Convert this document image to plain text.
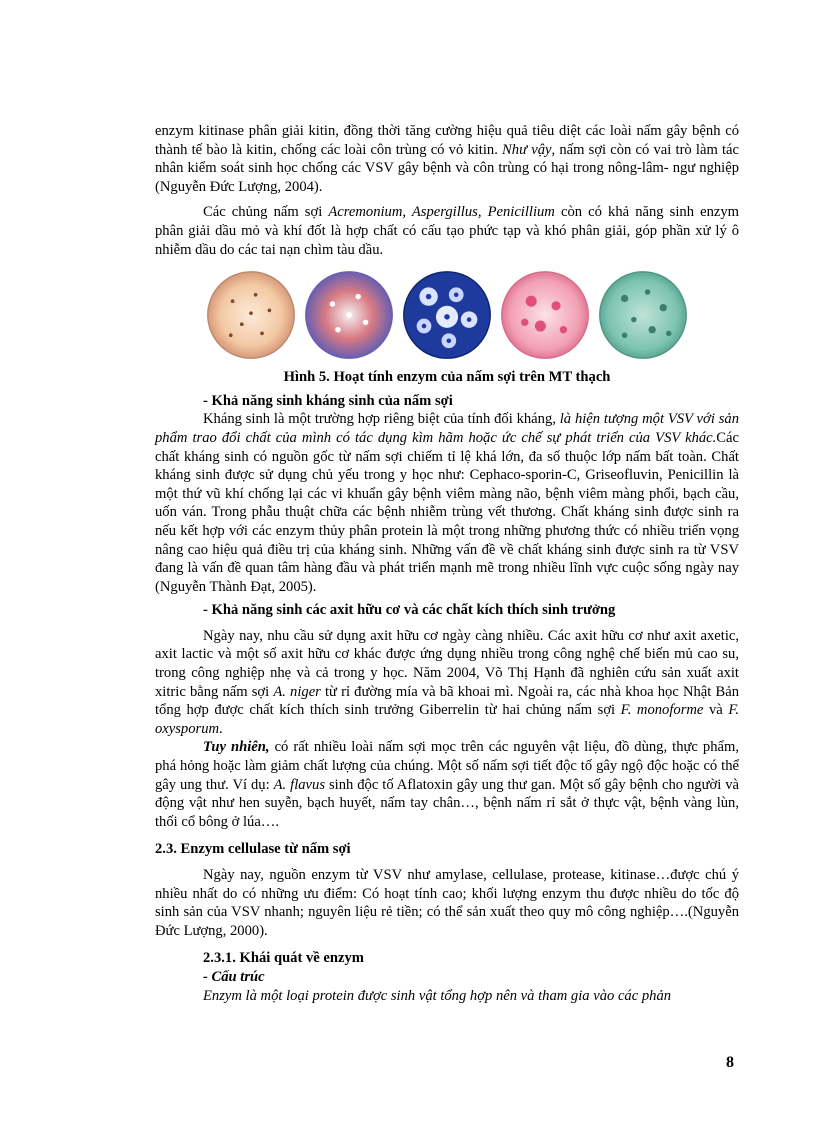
enzym kitinase phân giải kitin, đồng thời tăng cường hiệu quả tiêu diệt các loài nấm gây bệnh có thành tế bào là kitin, chống các loài côn trùng có vỏ kitin. Như vậy, nấm sợi còn có vai trò làm tác nhân kiểm soát sinh học chống các VSV gây bệnh và côn trùng có hại trong nông-lâm- ngư nghiệp (Nguyễn Đức Lượng, 2004).

Các chủng nấm sợi Acremonium, Aspergillus, Penicillium còn có khả năng sinh enzym phân giải dầu mỏ và khí đốt là hợp chất có cấu tạo phức tạp và khó phân giải, góp phần xử lý ô nhiễm dầu do các tai nạn chìm tàu dầu.

Hình 5. Hoạt tính enzym của nấm sợi trên MT thạch

- Khả năng sinh kháng sinh của nấm sợi

Kháng sinh là một trường hợp riêng biệt của tính đối kháng, là hiện tượng một VSV với sản phẩm trao đổi chất của mình có tác dụng kìm hãm hoặc ức chế sự phát triển của VSV khác.Các chất kháng sinh có nguồn gốc từ nấm sợi chiếm tỉ lệ khá lớn, đa số thuộc lớp nấm bất toàn. Chất kháng sinh được sử dụng chủ yếu trong y học như: Cephaco-sporin-C, Griseofluvin, Penicillin là một thứ vũ khí chống lại các vi khuẩn gây bệnh viêm màng não, bệnh viêm màng phổi, bạch cầu, uốn ván. Trong phẫu thuật chữa các bệnh nhiễm trùng vết thương. Chất kháng sinh được sinh ra nếu kết hợp với các enzym thủy phân protein là một trong những phương thức có nhiều triển vọng nâng cao hiệu quả điều trị của kháng sinh. Những vấn đề về chất kháng sinh được sinh ra từ VSV đang là vấn đề quan tâm hàng đầu và phát triển mạnh mẽ trong nhiều lĩnh vực cuộc sống ngày nay (Nguyễn Thành Đạt, 2005).

- Khả năng sinh các axit hữu cơ và các chất kích thích sinh trưởng

Ngày nay, nhu cầu sử dụng axit hữu cơ ngày càng nhiều. Các axit hữu cơ như axit axetic, axit lactic và một số axit hữu cơ khác được ứng dụng nhiều trong công nghệ chế biến mủ cao su, trong công nghiệp nhẹ và cả trong y học. Năm 2004, Võ Thị Hạnh đã nghiên cứu sản xuất axit xitric bằng nấm sợi A. niger từ rỉ đường mía và bã khoai mì. Ngoài ra, các nhà khoa học Nhật Bản tổng hợp được chất kích thích sinh trưởng Giberrelin từ hai chủng nấm sợi F. monoforme và F. oxysporum.

Tuy nhiên, có rất nhiều loài nấm sợi mọc trên các nguyên vật liệu, đồ dùng, thực phẩm, phá hỏng hoặc làm giảm chất lượng của chúng. Một số nấm sợi tiết độc tố gây ngộ độc hoặc có thể gây ung thư. Ví dụ: A. flavus sinh độc tố Aflatoxin gây ung thư gan. Một số gây bệnh cho người và động vật như hen suyễn, bạch huyết, nấm tay chân…, bệnh nấm rỉ sắt ở thực vật, bệnh vàng lùn, thối cổ bông ở lúa….

2.3. Enzym cellulase từ nấm sợi

Ngày nay, nguồn enzym từ VSV như amylase, cellulase, protease, kitinase…được chú ý nhiều nhất do có những ưu điểm: Có hoạt tính cao; khối lượng enzym thu được nhiều do tốc độ sinh sản của VSV nhanh; nguyên liệu rẻ tiền; có thể sản xuất theo quy mô công nghiệp….(Nguyễn Đức Lượng, 2000).

2.3.1. Khái quát về enzym

- Cấu trúc

Enzym là một loại protein được sinh vật tổng hợp nên và tham gia vào các phản

8
